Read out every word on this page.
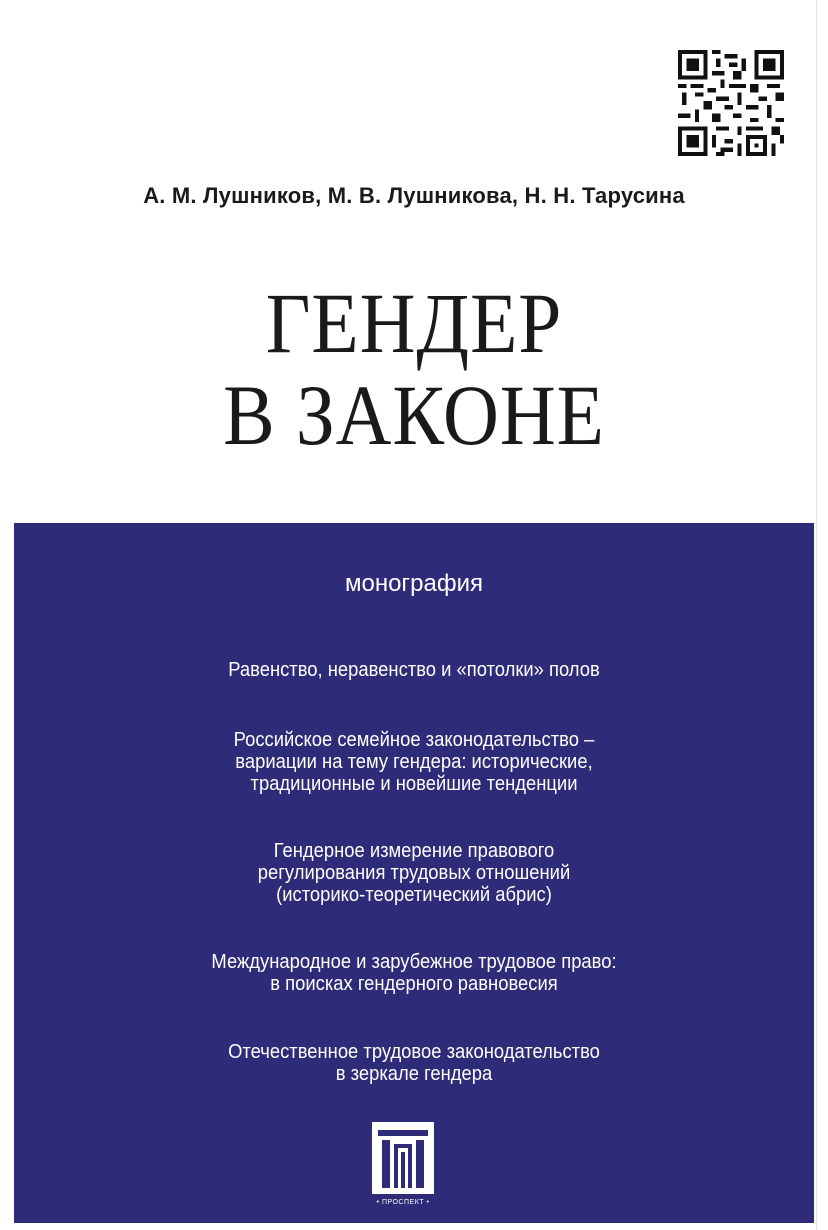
А. М. Лушников, М. В. Лушникова, Н. Н. Тарусина
ГЕНДЕР
В ЗАКОНЕ
монография
Равенство, неравенство и «потолки» полов
Российское семейное законодательство –
вариации на тему гендера: исторические,
традиционные и новейшие тенденции
Гендерное измерение правового
регулирования трудовых отношений
(историко-теоретический абрис)
Международное и зарубежное трудовое право:
в поисках гендерного равновесия
Отечественное трудовое законодательство
в зеркале гендера
• ПРОСПЕКТ •
